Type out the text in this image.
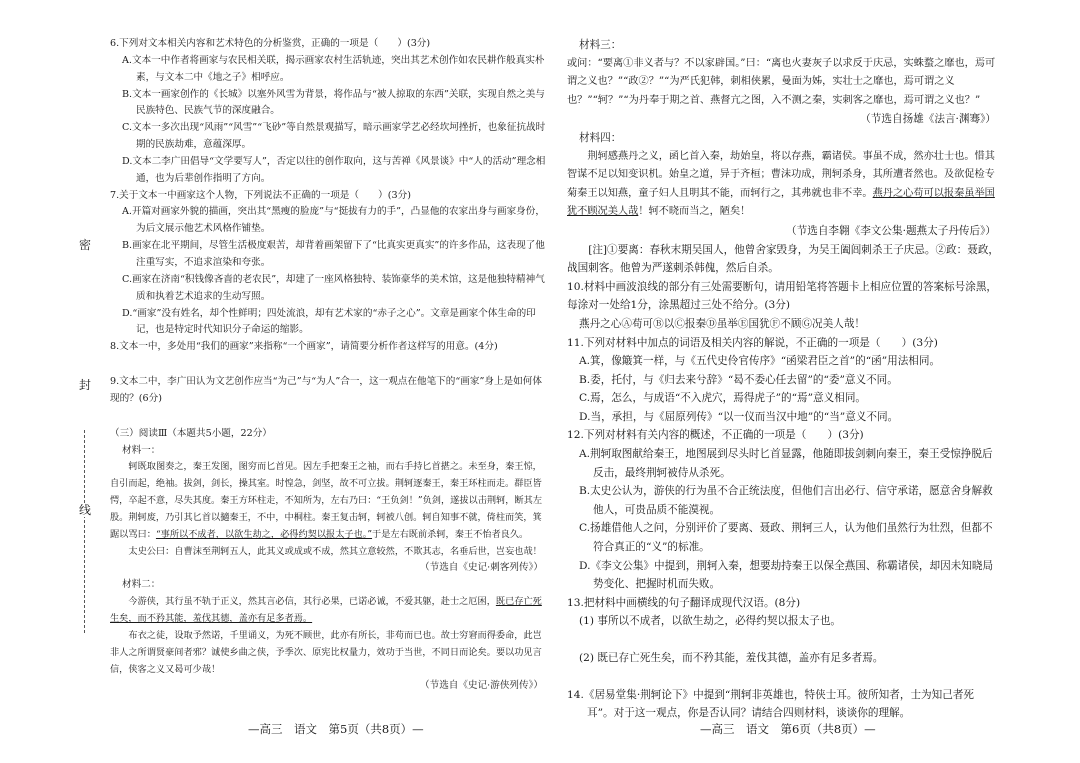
密
封
线

6.下列对文本相关内容和艺术特色的分析鉴赏，正确的一项是（　　）(3分)

A.文本一中作者将画家与农民相关联，揭示画家农村生活轨迹，突出其艺术创作如农民耕作般真实朴素，与文本二中《地之子》相呼应。

B.文本一画家创作的《长城》以塞外风雪为背景，将作品与“被人掠取的东西”关联，实现自然之美与民族特色、民族气节的深度融合。

C.文本一多次出现“风雨”“风雪”“飞砂”等自然景观描写，暗示画家学艺必经坎坷挫折，也象征抗战时期的民族劫难，意蕴深厚。

D.文本二李广田倡导“文学要写人”，否定以往的创作取向，这与苦禅《风景谈》中“人的活动”理念相通，也为后辈创作指明了方向。

7.关于文本一中画家这个人物，下列说法不正确的一项是（　　）(3分)

A.开篇对画家外貌的描画，突出其“黑瘦的脸庞”与“挺拔有力的手”，凸显他的农家出身与画家身份，为后文展示他艺术风格作铺垫。

B.画家在北平期间，尽管生活极度艰苦，却背着画架留下了“比真实更真实”的许多作品，这表现了他注重写实，不追求渲染和夸张。

C.画家在济南“积钱像吝啬的老农民”，却建了一座风格独特、装饰豪华的美术馆，这是他独特精神气质和执着艺术追求的生动写照。

D.“画家”没有姓名，却个性鲜明；四处流浪，却有艺术家的“赤子之心”。文章是画家个体生命的印记，也是特定时代知识分子命运的缩影。

8.文本一中，多处用“我们的画家”来指称“一个画家”，请简要分析作者这样写的用意。(4分)

9.文本二中，李广田认为文艺创作应当“为己”与“为人”合一，这一观点在他笔下的“画家”身上是如何体现的？(6分)

（三）阅读Ⅲ（本题共5小题，22分）

材料一：

轲既取图奏之，秦王发图，图穷而匕首见。因左手把秦王之袖，而右手持匕首揕之。未至身，秦王惊，自引而起，绝袖。拔剑，剑长，操其室。时惶急，剑坚，故不可立拔。荆轲逐秦王，秦王环柱而走。群臣皆愕，卒起不意，尽失其度。秦王方环柱走，不知所为，左右乃曰：“王负剑！”负剑，遂拔以击荆轲，断其左股。荆轲废，乃引其匕首以擿秦王，不中，中桐柱。秦王复击轲，轲被八创。轲自知事不就，倚柱而笑，箕踞以骂曰：“事所以不成者，以欲生劫之，必得约契以报太子也。”于是左右既前杀轲，秦王不怡者良久。

太史公曰：自曹沫至荆轲五人，此其义或成或不成，然其立意较然，不欺其志，名垂后世，岂妄也哉！

（节选自《史记·刺客列传》）

材料二：

今游侠，其行虽不轨于正义，然其言必信，其行必果，已诺必诚，不爱其躯，赴士之厄困，既已存亡死生矣，而不矜其能，羞伐其德，盖亦有足多者焉。

布衣之徒，设取予然诺，千里诵义，为死不顾世，此亦有所长，非苟而已也。故士穷窘而得委命，此岂非人之所谓贤豪间者邪？诚使乡曲之侠，予季次、原宪比权量力，效功于当世，不同日而论矣。要以功见言信，侠客之义又曷可少哉！

（节选自《史记·游侠列传》）

材料三：

或问：“要离①非义者与？不以家辟国。”曰：“离也火妻灰子以求反于庆忌，实蛛蝥之靡也，焉可谓之义也？”“政②？”“为严氏犯韩，刺相侠累，曼面为姊，实壮士之靡也，焉可谓之义也？”“轲？”“为丹奉于期之首、燕督亢之图，入不测之秦，实刺客之靡也，焉可谓之义也？”

（节选自扬雄《法言·渊骞》）

材料四：

荆轲感燕丹之义，函匕首入秦，劫始皇，将以存燕，霸诸侯。事虽不成，然亦壮士也。惜其智谋不足以知变识机。始皇之道，异于齐桓；曹沫功成，荆轲杀身，其所遭者然也。及欲促检专菊秦王以知燕，童子妇人且明其不能，而轲行之，其弗就也非不幸。燕丹之心苟可以报秦虽举国犹不顾况美人哉！轲不晓而当之，陋矣！

（节选自李翱《李文公集·题燕太子丹传后》）

[注]①要离：春秋末期吴国人，他曾舍家毁身，为吴王阖闾刺杀王子庆忌。②政：聂政，战国刺客。他曾为严遂刺杀韩傀，然后自杀。

10.材料中画波浪线的部分有三处需要断句，请用铅笔将答题卡上相应位置的答案标号涂黑，每涂对一处给1分，涂黑超过三处不给分。(3分)

燕丹之心Ⓐ苟可Ⓑ以Ⓒ报秦Ⓓ虽举Ⓔ国犹Ⓕ不顾Ⓖ况美人哉！

11.下列对材料中加点的词语及相关内容的解说，不正确的一项是（　　）(3分)

A.箕，像簸箕一样，与《五代史伶官传序》“函梁君臣之首”的“函”用法相同。

B.委，托付，与《归去来兮辞》“曷不委心任去留”的“委”意义不同。

C.焉，怎么，与成语“不入虎穴，焉得虎子”的“焉”意义相同。

D.当，承担，与《屈原列传》“以一仪而当汉中地”的“当”意义不同。

12.下列对材料有关内容的概述，不正确的一项是（　　）(3分)

A.荆轲取图献给秦王，地图展到尽头时匕首显露，他随即拔剑刺向秦王，秦王受惊挣脱后反击，最终荆轲被侍从杀死。

B.太史公认为，游侠的行为虽不合正统法度，但他们言出必行、信守承诺，愿意舍身解救他人，可贵品质不能漠视。

C.扬雄借他人之问，分别评价了要离、聂政、荆轲三人，认为他们虽然行为壮烈，但都不符合真正的“义”的标准。

D.《李文公集》中提到，荆轲入秦，想要劫持秦王以保全燕国、称霸诸侯，却因未知晓局势变化、把握时机而失败。

13.把材料中画横线的句子翻译成现代汉语。(8分)

(1) 事所以不成者，以欲生劫之，必得约契以报太子也。

(2) 既已存亡死生矣，而不矜其能，羞伐其德，盖亦有足多者焉。

14.《居易堂集·荆轲论下》中提到“荆轲非英雄也，特侠士耳。彼所知者，士为知己者死耳”。对于这一观点，你是否认同？请结合四则材料，谈谈你的理解。

—高三　语文　第5页（共8页）—	—高三　语文　第6页（共8页）—
